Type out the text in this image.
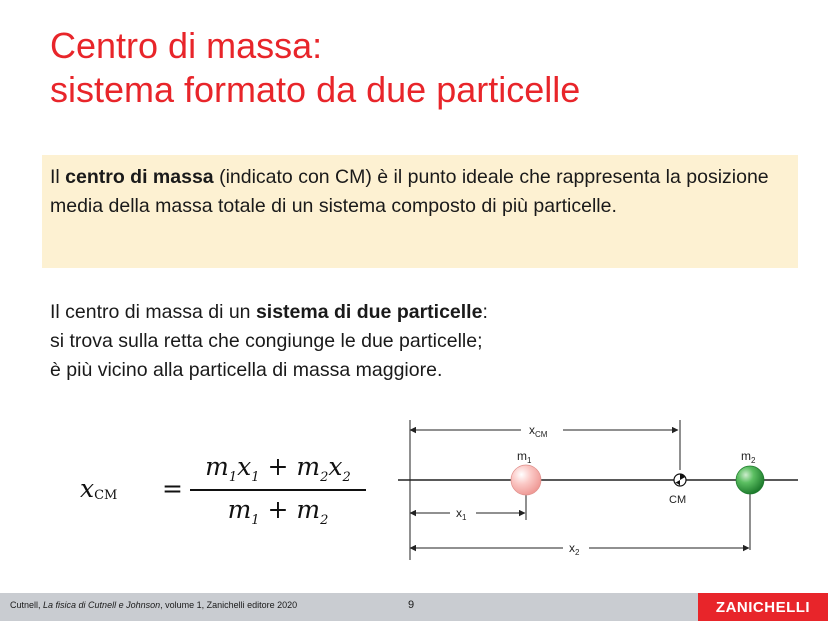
Centro di massa:
sistema formato da due particelle
Il centro di massa (indicato con CM) è il punto ideale che rappresenta la posizione media della massa totale di un sistema composto di più particelle.
Il centro di massa di un sistema di due particelle:
si trova sulla retta che congiunge le due particelle;
è più vicino alla particella di massa maggiore.
$x_{CM}$ =
$m_1x_1 + m_2x_2$
$m_1 + m_2$
$x_{CM}$
$x_1$
$x_2$
$m_1$	$m_2$
CM
Cutnell, La fisica di Cutnell e Johnson, volume 1, Zanichelli editore 2020	9	ZANICHELLI
